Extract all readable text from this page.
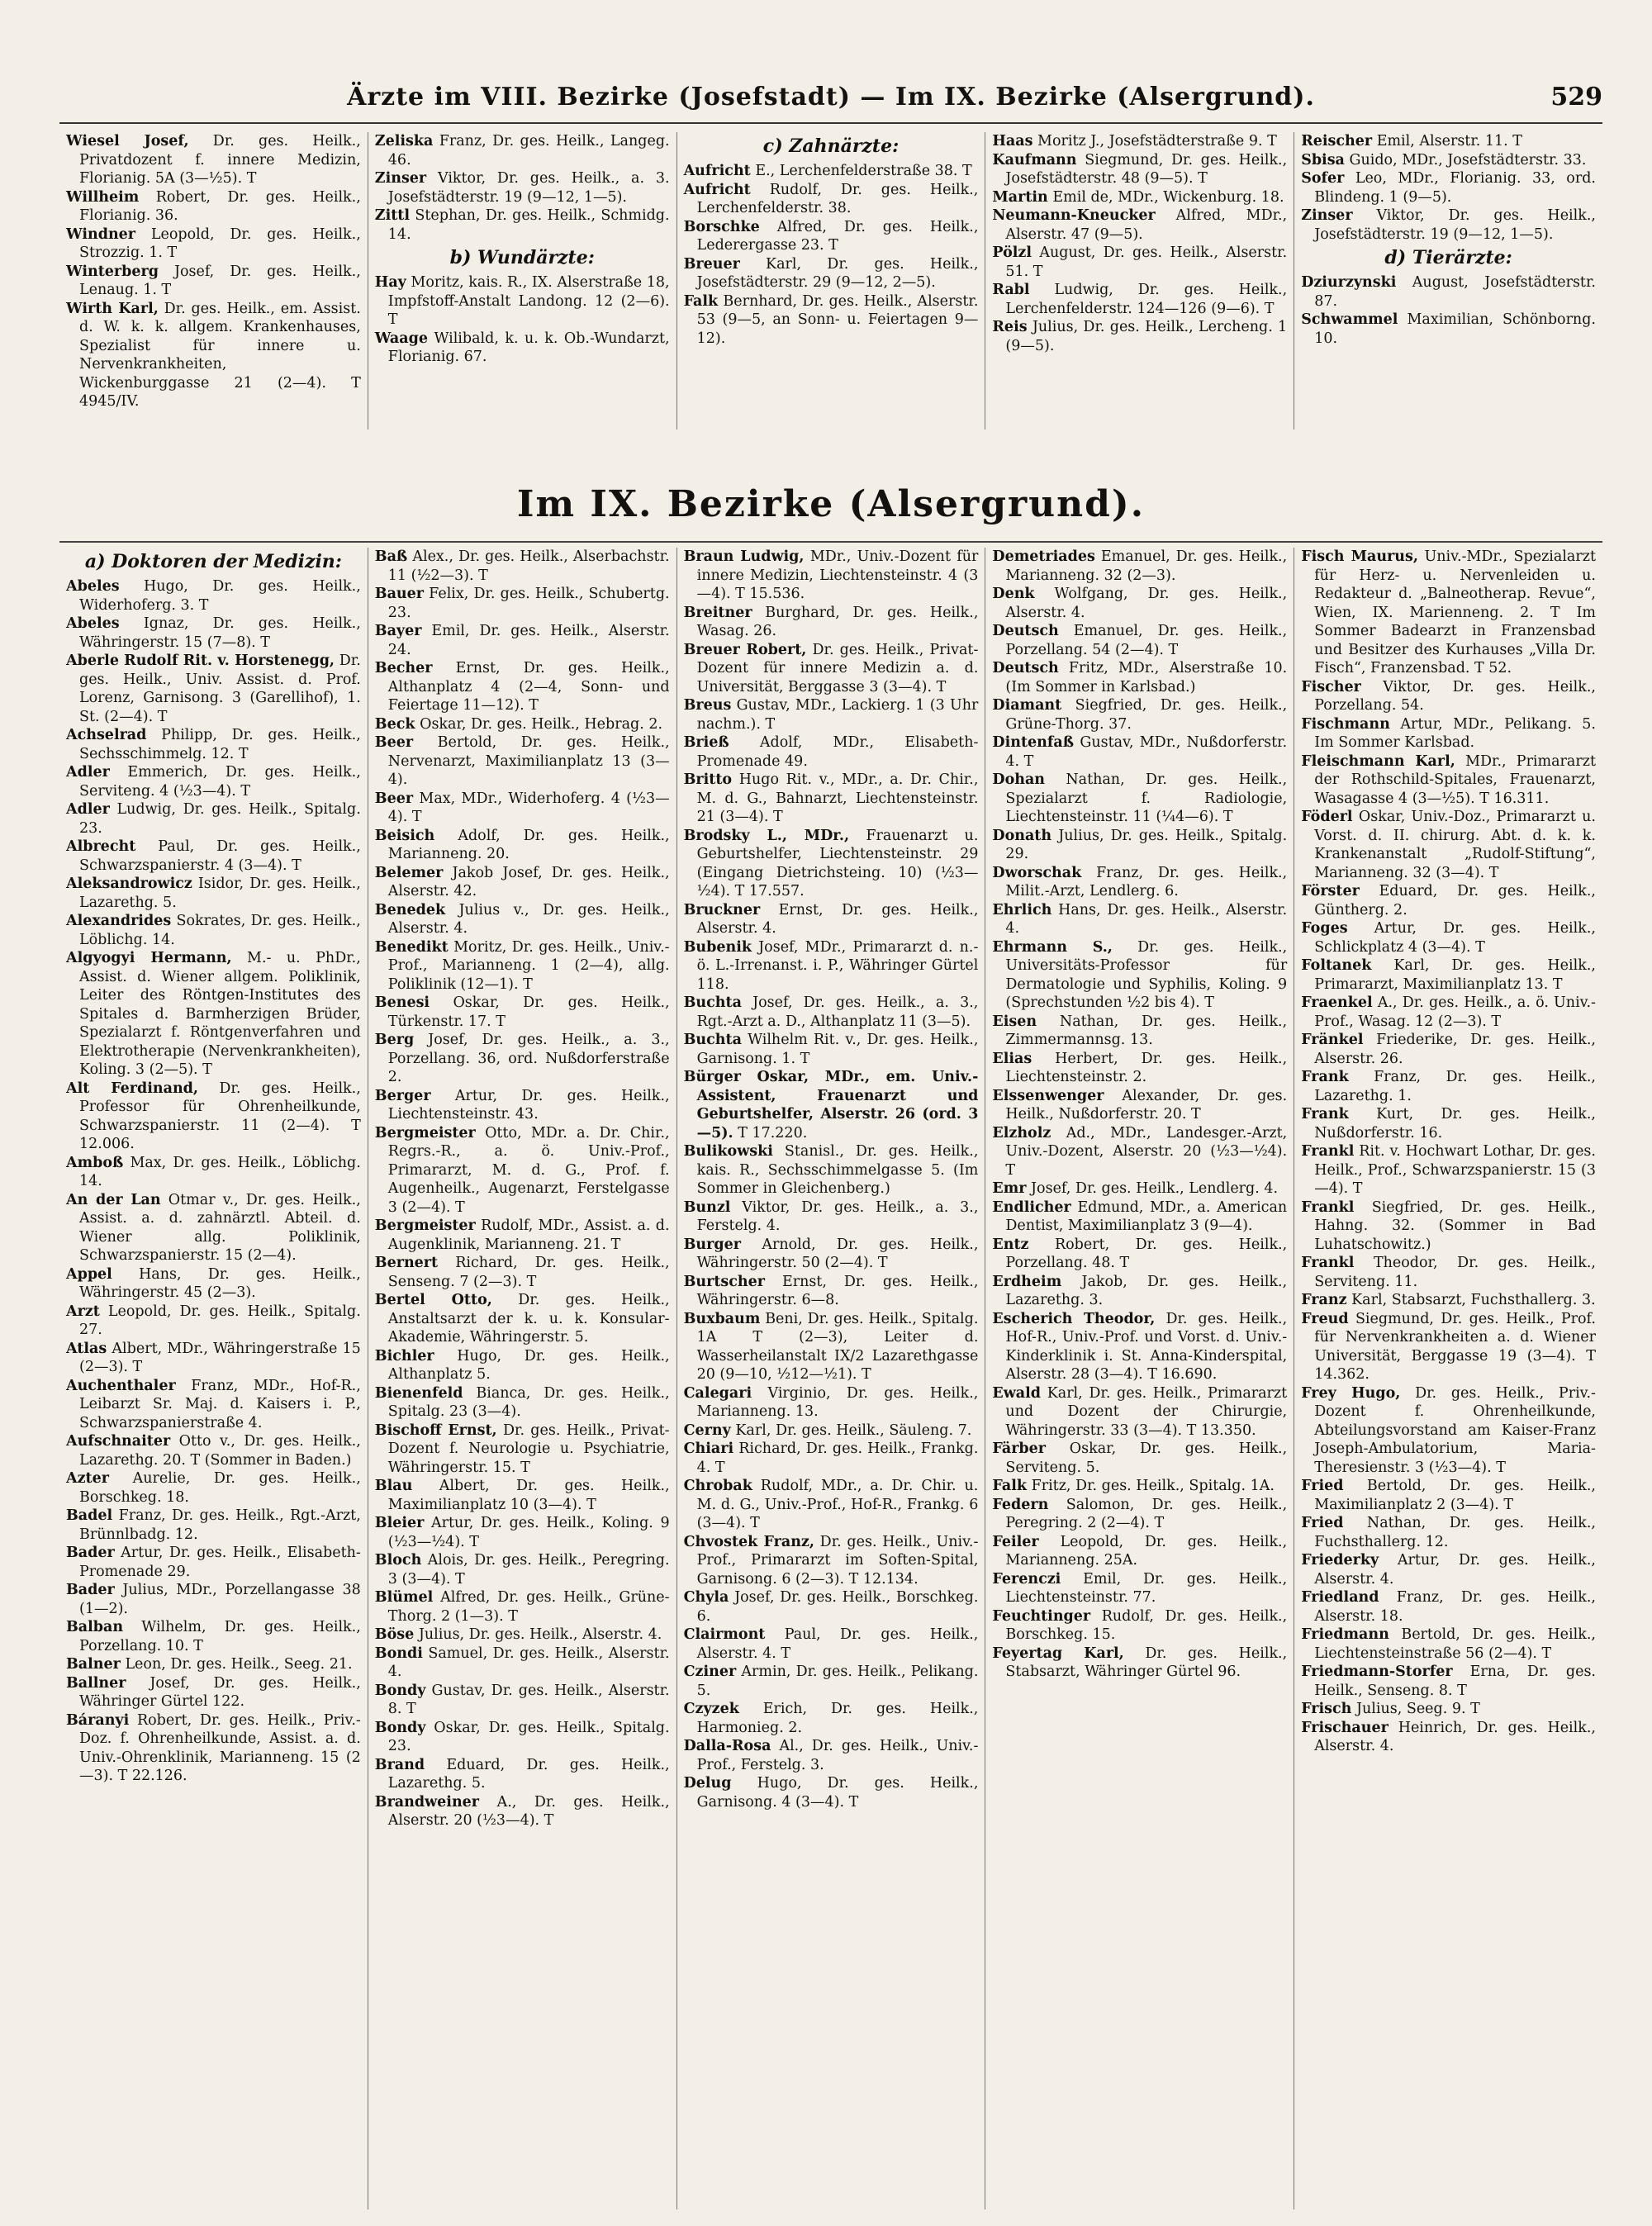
Ärzte im VIII. Bezirke (Josefstadt) — Im IX. Bezirke (Alsergrund).	529

Wiesel Josef, Dr. ges. Heilk., Privatdozent f. innere Medizin, Florianig. 5A (3—½5). T

Willheim Robert, Dr. ges. Heilk., Florianig. 36.

Windner Leopold, Dr. ges. Heilk., Strozzig. 1. T

Winterberg Josef, Dr. ges. Heilk., Lenaug. 1. T

Wirth Karl, Dr. ges. Heilk., em. Assist. d. W. k. k. allgem. Krankenhauses, Spezialist für innere u. Nervenkrankheiten, Wickenburggasse 21 (2—4). T 4945/IV.

Zeliska Franz, Dr. ges. Heilk., Langeg. 46.

Zinser Viktor, Dr. ges. Heilk., a. 3. Josefstädterstr. 19 (9—12, 1—5).

Zittl Stephan, Dr. ges. Heilk., Schmidg. 14.

b) Wundärzte:

Hay Moritz, kais. R., IX. Alserstraße 18, Impfstoff-Anstalt Landong. 12 (2—6). T

Waage Wilibald, k. u. k. Ob.-Wundarzt, Florianig. 67.

c) Zahnärzte:

Aufricht E., Lerchenfelderstraße 38. T

Aufricht Rudolf, Dr. ges. Heilk., Lerchenfelderstr. 38.

Borschke Alfred, Dr. ges. Heilk., Lederergasse 23. T

Breuer Karl, Dr. ges. Heilk., Josefstädterstr. 29 (9—12, 2—5).

Falk Bernhard, Dr. ges. Heilk., Alserstr. 53 (9—5, an Sonn- u. Feiertagen 9—12).

Haas Moritz J., Josefstädterstraße 9. T

Kaufmann Siegmund, Dr. ges. Heilk., Josefstädterstr. 48 (9—5). T

Martin Emil de, MDr., Wickenburg. 18.

Neumann-Kneucker Alfred, MDr., Alserstr. 47 (9—5).

Pölzl August, Dr. ges. Heilk., Alserstr. 51. T

Rabl Ludwig, Dr. ges. Heilk., Lerchenfelderstr. 124—126 (9—6). T

Reis Julius, Dr. ges. Heilk., Lercheng. 1 (9—5).

Reischer Emil, Alserstr. 11. T

Sbisa Guido, MDr., Josefstädterstr. 33.

Sofer Leo, MDr., Florianig. 33, ord. Blindeng. 1 (9—5).

Zinser Viktor, Dr. ges. Heilk., Josefstädterstr. 19 (9—12, 1—5).

d) Tierärzte:

Dziurzynski August, Josefstädterstr. 87.

Schwammel Maximilian, Schönborng. 10.

Im IX. Bezirke (Alsergrund).
a) Doktoren der Medizin:

Abeles Hugo, Dr. ges. Heilk., Widerhoferg. 3. T

Abeles Ignaz, Dr. ges. Heilk., Währingerstr. 15 (7—8). T

Aberle Rudolf Rit. v. Horstenegg, Dr. ges. Heilk., Univ. Assist. d. Prof. Lorenz, Garnisong. 3 (Garellihof), 1. St. (2—4). T

Achselrad Philipp, Dr. ges. Heilk., Sechsschimmelg. 12. T

Adler Emmerich, Dr. ges. Heilk., Serviteng. 4 (½3—4). T

Adler Ludwig, Dr. ges. Heilk., Spitalg. 23.

Albrecht Paul, Dr. ges. Heilk., Schwarzspanierstr. 4 (3—4). T

Aleksandrowicz Isidor, Dr. ges. Heilk., Lazarethg. 5.

Alexandrides Sokrates, Dr. ges. Heilk., Löblichg. 14.

Algyogyi Hermann, M.- u. PhDr., Assist. d. Wiener allgem. Poliklinik, Leiter des Röntgen-Institutes des Spitales d. Barmherzigen Brüder, Spezialarzt f. Röntgenverfahren und Elektrotherapie (Nervenkrankheiten), Koling. 3 (2—5). T

Alt Ferdinand, Dr. ges. Heilk., Professor für Ohrenheilkunde, Schwarzspanierstr. 11 (2—4). T 12.006.

Amboß Max, Dr. ges. Heilk., Löblichg. 14.

An der Lan Otmar v., Dr. ges. Heilk., Assist. a. d. zahnärztl. Abteil. d. Wiener allg. Poliklinik, Schwarzspanierstr. 15 (2—4).

Appel Hans, Dr. ges. Heilk., Währingerstr. 45 (2—3).

Arzt Leopold, Dr. ges. Heilk., Spitalg. 27.

Atlas Albert, MDr., Währingerstraße 15 (2—3). T

Auchenthaler Franz, MDr., Hof-R., Leibarzt Sr. Maj. d. Kaisers i. P., Schwarzspanierstraße 4.

Aufschnaiter Otto v., Dr. ges. Heilk., Lazarethg. 20. T (Sommer in Baden.)

Azter Aurelie, Dr. ges. Heilk., Borschkeg. 18.

Badel Franz, Dr. ges. Heilk., Rgt.-Arzt, Brünnlbadg. 12.

Bader Artur, Dr. ges. Heilk., Elisabeth-Promenade 29.

Bader Julius, MDr., Porzellangasse 38 (1—2).

Balban Wilhelm, Dr. ges. Heilk., Porzellang. 10. T

Balner Leon, Dr. ges. Heilk., Seeg. 21.

Ballner Josef, Dr. ges. Heilk., Währinger Gürtel 122.

Báranyi Robert, Dr. ges. Heilk., Priv.-Doz. f. Ohrenheilkunde, Assist. a. d. Univ.-Ohrenklinik, Marianneng. 15 (2—3). T 22.126.

Baß Alex., Dr. ges. Heilk., Alserbachstr. 11 (½2—3). T

Bauer Felix, Dr. ges. Heilk., Schubertg. 23.

Bayer Emil, Dr. ges. Heilk., Alserstr. 24.

Becher Ernst, Dr. ges. Heilk., Althanplatz 4 (2—4, Sonn- und Feiertage 11—12). T

Beck Oskar, Dr. ges. Heilk., Hebrag. 2.

Beer Bertold, Dr. ges. Heilk., Nervenarzt, Maximilianplatz 13 (3—4).

Beer Max, MDr., Widerhoferg. 4 (½3—4). T

Beisich Adolf, Dr. ges. Heilk., Marianneng. 20.

Belemer Jakob Josef, Dr. ges. Heilk., Alserstr. 42.

Benedek Julius v., Dr. ges. Heilk., Alserstr. 4.

Benedikt Moritz, Dr. ges. Heilk., Univ.-Prof., Marianneng. 1 (2—4), allg. Poliklinik (12—1). T

Benesi Oskar, Dr. ges. Heilk., Türkenstr. 17. T

Berg Josef, Dr. ges. Heilk., a. 3., Porzellang. 36, ord. Nußdorferstraße 2.

Berger Artur, Dr. ges. Heilk., Liechtensteinstr. 43.

Bergmeister Otto, MDr. a. Dr. Chir., Regrs.-R., a. ö. Univ.-Prof., Primararzt, M. d. G., Prof. f. Augenheilk., Augenarzt, Ferstelgasse 3 (2—4). T

Bergmeister Rudolf, MDr., Assist. a. d. Augenklinik, Marianneng. 21. T

Bernert Richard, Dr. ges. Heilk., Senseng. 7 (2—3). T

Bertel Otto, Dr. ges. Heilk., Anstaltsarzt der k. u. k. Konsular-Akademie, Währingerstr. 5.

Bichler Hugo, Dr. ges. Heilk., Althanplatz 5.

Bienenfeld Bianca, Dr. ges. Heilk., Spitalg. 23 (3—4).

Bischoff Ernst, Dr. ges. Heilk., Privat-Dozent f. Neurologie u. Psychiatrie, Währingerstr. 15. T

Blau Albert, Dr. ges. Heilk., Maximilianplatz 10 (3—4). T

Bleier Artur, Dr. ges. Heilk., Koling. 9 (½3—½4). T

Bloch Alois, Dr. ges. Heilk., Peregring. 3 (3—4). T

Blümel Alfred, Dr. ges. Heilk., Grüne-Thorg. 2 (1—3). T

Böse Julius, Dr. ges. Heilk., Alserstr. 4.

Bondi Samuel, Dr. ges. Heilk., Alserstr. 4.

Bondy Gustav, Dr. ges. Heilk., Alserstr. 8. T

Bondy Oskar, Dr. ges. Heilk., Spitalg. 23.

Brand Eduard, Dr. ges. Heilk., Lazarethg. 5.

Brandweiner A., Dr. ges. Heilk., Alserstr. 20 (½3—4). T

Braun Ludwig, MDr., Univ.-Dozent für innere Medizin, Liechtensteinstr. 4 (3—4). T 15.536.

Breitner Burghard, Dr. ges. Heilk., Wasag. 26.

Breuer Robert, Dr. ges. Heilk., Privat-Dozent für innere Medizin a. d. Universität, Berggasse 3 (3—4). T

Breus Gustav, MDr., Lackierg. 1 (3 Uhr nachm.). T

Brieß Adolf, MDr., Elisabeth-Promenade 49.

Britto Hugo Rit. v., MDr., a. Dr. Chir., M. d. G., Bahnarzt, Liechtensteinstr. 21 (3—4). T

Brodsky L., MDr., Frauenarzt u. Geburtshelfer, Liechtensteinstr. 29 (Eingang Dietrichsteing. 10) (½3—½4). T 17.557.

Bruckner Ernst, Dr. ges. Heilk., Alserstr. 4.

Bubenik Josef, MDr., Primararzt d. n.-ö. L.-Irrenanst. i. P., Währinger Gürtel 118.

Buchta Josef, Dr. ges. Heilk., a. 3., Rgt.-Arzt a. D., Althanplatz 11 (3—5).

Buchta Wilhelm Rit. v., Dr. ges. Heilk., Garnisong. 1. T

Bürger Oskar, MDr., em. Univ.-Assistent, Frauenarzt und Geburtshelfer, Alserstr. 26 (ord. 3—5). T 17.220.

Bulikowski Stanisl., Dr. ges. Heilk., kais. R., Sechsschimmelgasse 5. (Im Sommer in Gleichenberg.)

Bunzl Viktor, Dr. ges. Heilk., a. 3., Ferstelg. 4.

Burger Arnold, Dr. ges. Heilk., Währingerstr. 50 (2—4). T

Burtscher Ernst, Dr. ges. Heilk., Währingerstr. 6—8.

Buxbaum Beni, Dr. ges. Heilk., Spitalg. 1A T (2—3), Leiter d. Wasserheilanstalt IX/2 Lazarethgasse 20 (9—10, ½12—½1). T

Calegari Virginio, Dr. ges. Heilk., Marianneng. 13.

Cerny Karl, Dr. ges. Heilk., Säuleng. 7.

Chiari Richard, Dr. ges. Heilk., Frankg. 4. T

Chrobak Rudolf, MDr., a. Dr. Chir. u. M. d. G., Univ.-Prof., Hof-R., Frankg. 6 (3—4). T

Chvostek Franz, Dr. ges. Heilk., Univ.-Prof., Primararzt im Soften-Spital, Garnisong. 6 (2—3). T 12.134.

Chyla Josef, Dr. ges. Heilk., Borschkeg. 6.

Clairmont Paul, Dr. ges. Heilk., Alserstr. 4. T

Cziner Armin, Dr. ges. Heilk., Pelikang. 5.

Czyzek Erich, Dr. ges. Heilk., Harmonieg. 2.

Dalla-Rosa Al., Dr. ges. Heilk., Univ.-Prof., Ferstelg. 3.

Delug Hugo, Dr. ges. Heilk., Garnisong. 4 (3—4). T

Demetriades Emanuel, Dr. ges. Heilk., Marianneng. 32 (2—3).

Denk Wolfgang, Dr. ges. Heilk., Alserstr. 4.

Deutsch Emanuel, Dr. ges. Heilk., Porzellang. 54 (2—4). T

Deutsch Fritz, MDr., Alserstraße 10. (Im Sommer in Karlsbad.)

Diamant Siegfried, Dr. ges. Heilk., Grüne-Thorg. 37.

Dintenfaß Gustav, MDr., Nußdorferstr. 4. T

Dohan Nathan, Dr. ges. Heilk., Spezialarzt f. Radiologie, Liechtensteinstr. 11 (¼4—6). T

Donath Julius, Dr. ges. Heilk., Spitalg. 29.

Dworschak Franz, Dr. ges. Heilk., Milit.-Arzt, Lendlerg. 6.

Ehrlich Hans, Dr. ges. Heilk., Alserstr. 4.

Ehrmann S., Dr. ges. Heilk., Universitäts-Professor für Dermatologie und Syphilis, Koling. 9 (Sprechstunden ½2 bis 4). T

Eisen Nathan, Dr. ges. Heilk., Zimmermannsg. 13.

Elias Herbert, Dr. ges. Heilk., Liechtensteinstr. 2.

Elssenwenger Alexander, Dr. ges. Heilk., Nußdorferstr. 20. T

Elzholz Ad., MDr., Landesger.-Arzt, Univ.-Dozent, Alserstr. 20 (½3—½4). T

Emr Josef, Dr. ges. Heilk., Lendlerg. 4.

Endlicher Edmund, MDr., a. American Dentist, Maximilianplatz 3 (9—4).

Entz Robert, Dr. ges. Heilk., Porzellang. 48. T

Erdheim Jakob, Dr. ges. Heilk., Lazarethg. 3.

Escherich Theodor, Dr. ges. Heilk., Hof-R., Univ.-Prof. und Vorst. d. Univ.-Kinderklinik i. St. Anna-Kinderspital, Alserstr. 28 (3—4). T 16.690.

Ewald Karl, Dr. ges. Heilk., Primararzt und Dozent der Chirurgie, Währingerstr. 33 (3—4). T 13.350.

Färber Oskar, Dr. ges. Heilk., Serviteng. 5.

Falk Fritz, Dr. ges. Heilk., Spitalg. 1A.

Federn Salomon, Dr. ges. Heilk., Peregring. 2 (2—4). T

Feiler Leopold, Dr. ges. Heilk., Marianneng. 25A.

Ferenczi Emil, Dr. ges. Heilk., Liechtensteinstr. 77.

Feuchtinger Rudolf, Dr. ges. Heilk., Borschkeg. 15.

Feyertag Karl, Dr. ges. Heilk., Stabsarzt, Währinger Gürtel 96.

Fisch Maurus, Univ.-MDr., Spezialarzt für Herz- u. Nervenleiden u. Redakteur d. „Balneotherap. Revue“, Wien, IX. Marienneng. 2. T Im Sommer Badearzt in Franzensbad und Besitzer des Kurhauses „Villa Dr. Fisch“, Franzensbad. T 52.

Fischer Viktor, Dr. ges. Heilk., Porzellang. 54.

Fischmann Artur, MDr., Pelikang. 5. Im Sommer Karlsbad.

Fleischmann Karl, MDr., Primararzt der Rothschild-Spitales, Frauenarzt, Wasagasse 4 (3—½5). T 16.311.

Föderl Oskar, Univ.-Doz., Primararzt u. Vorst. d. II. chirurg. Abt. d. k. k. Krankenanstalt „Rudolf-Stiftung“, Marianneng. 32 (3—4). T

Förster Eduard, Dr. ges. Heilk., Güntherg. 2.

Foges Artur, Dr. ges. Heilk., Schlickplatz 4 (3—4). T

Foltanek Karl, Dr. ges. Heilk., Primararzt, Maximilianplatz 13. T

Fraenkel A., Dr. ges. Heilk., a. ö. Univ.-Prof., Wasag. 12 (2—3). T

Fränkel Friederike, Dr. ges. Heilk., Alserstr. 26.

Frank Franz, Dr. ges. Heilk., Lazarethg. 1.

Frank Kurt, Dr. ges. Heilk., Nußdorferstr. 16.

Frankl Rit. v. Hochwart Lothar, Dr. ges. Heilk., Prof., Schwarzspanierstr. 15 (3—4). T

Frankl Siegfried, Dr. ges. Heilk., Hahng. 32. (Sommer in Bad Luhatschowitz.)

Frankl Theodor, Dr. ges. Heilk., Serviteng. 11.

Franz Karl, Stabsarzt, Fuchsthallerg. 3.

Freud Siegmund, Dr. ges. Heilk., Prof. für Nervenkrankheiten a. d. Wiener Universität, Berggasse 19 (3—4). T 14.362.

Frey Hugo, Dr. ges. Heilk., Priv.-Dozent f. Ohrenheilkunde, Abteilungsvorstand am Kaiser-Franz Joseph-Ambulatorium, Maria-Theresienstr. 3 (½3—4). T

Fried Bertold, Dr. ges. Heilk., Maximilianplatz 2 (3—4). T

Fried Nathan, Dr. ges. Heilk., Fuchsthallerg. 12.

Friederky Artur, Dr. ges. Heilk., Alserstr. 4.

Friedland Franz, Dr. ges. Heilk., Alserstr. 18.

Friedmann Bertold, Dr. ges. Heilk., Liechtensteinstraße 56 (2—4). T

Friedmann-Storfer Erna, Dr. ges. Heilk., Senseng. 8. T

Frisch Julius, Seeg. 9. T

Frischauer Heinrich, Dr. ges. Heilk., Alserstr. 4.
